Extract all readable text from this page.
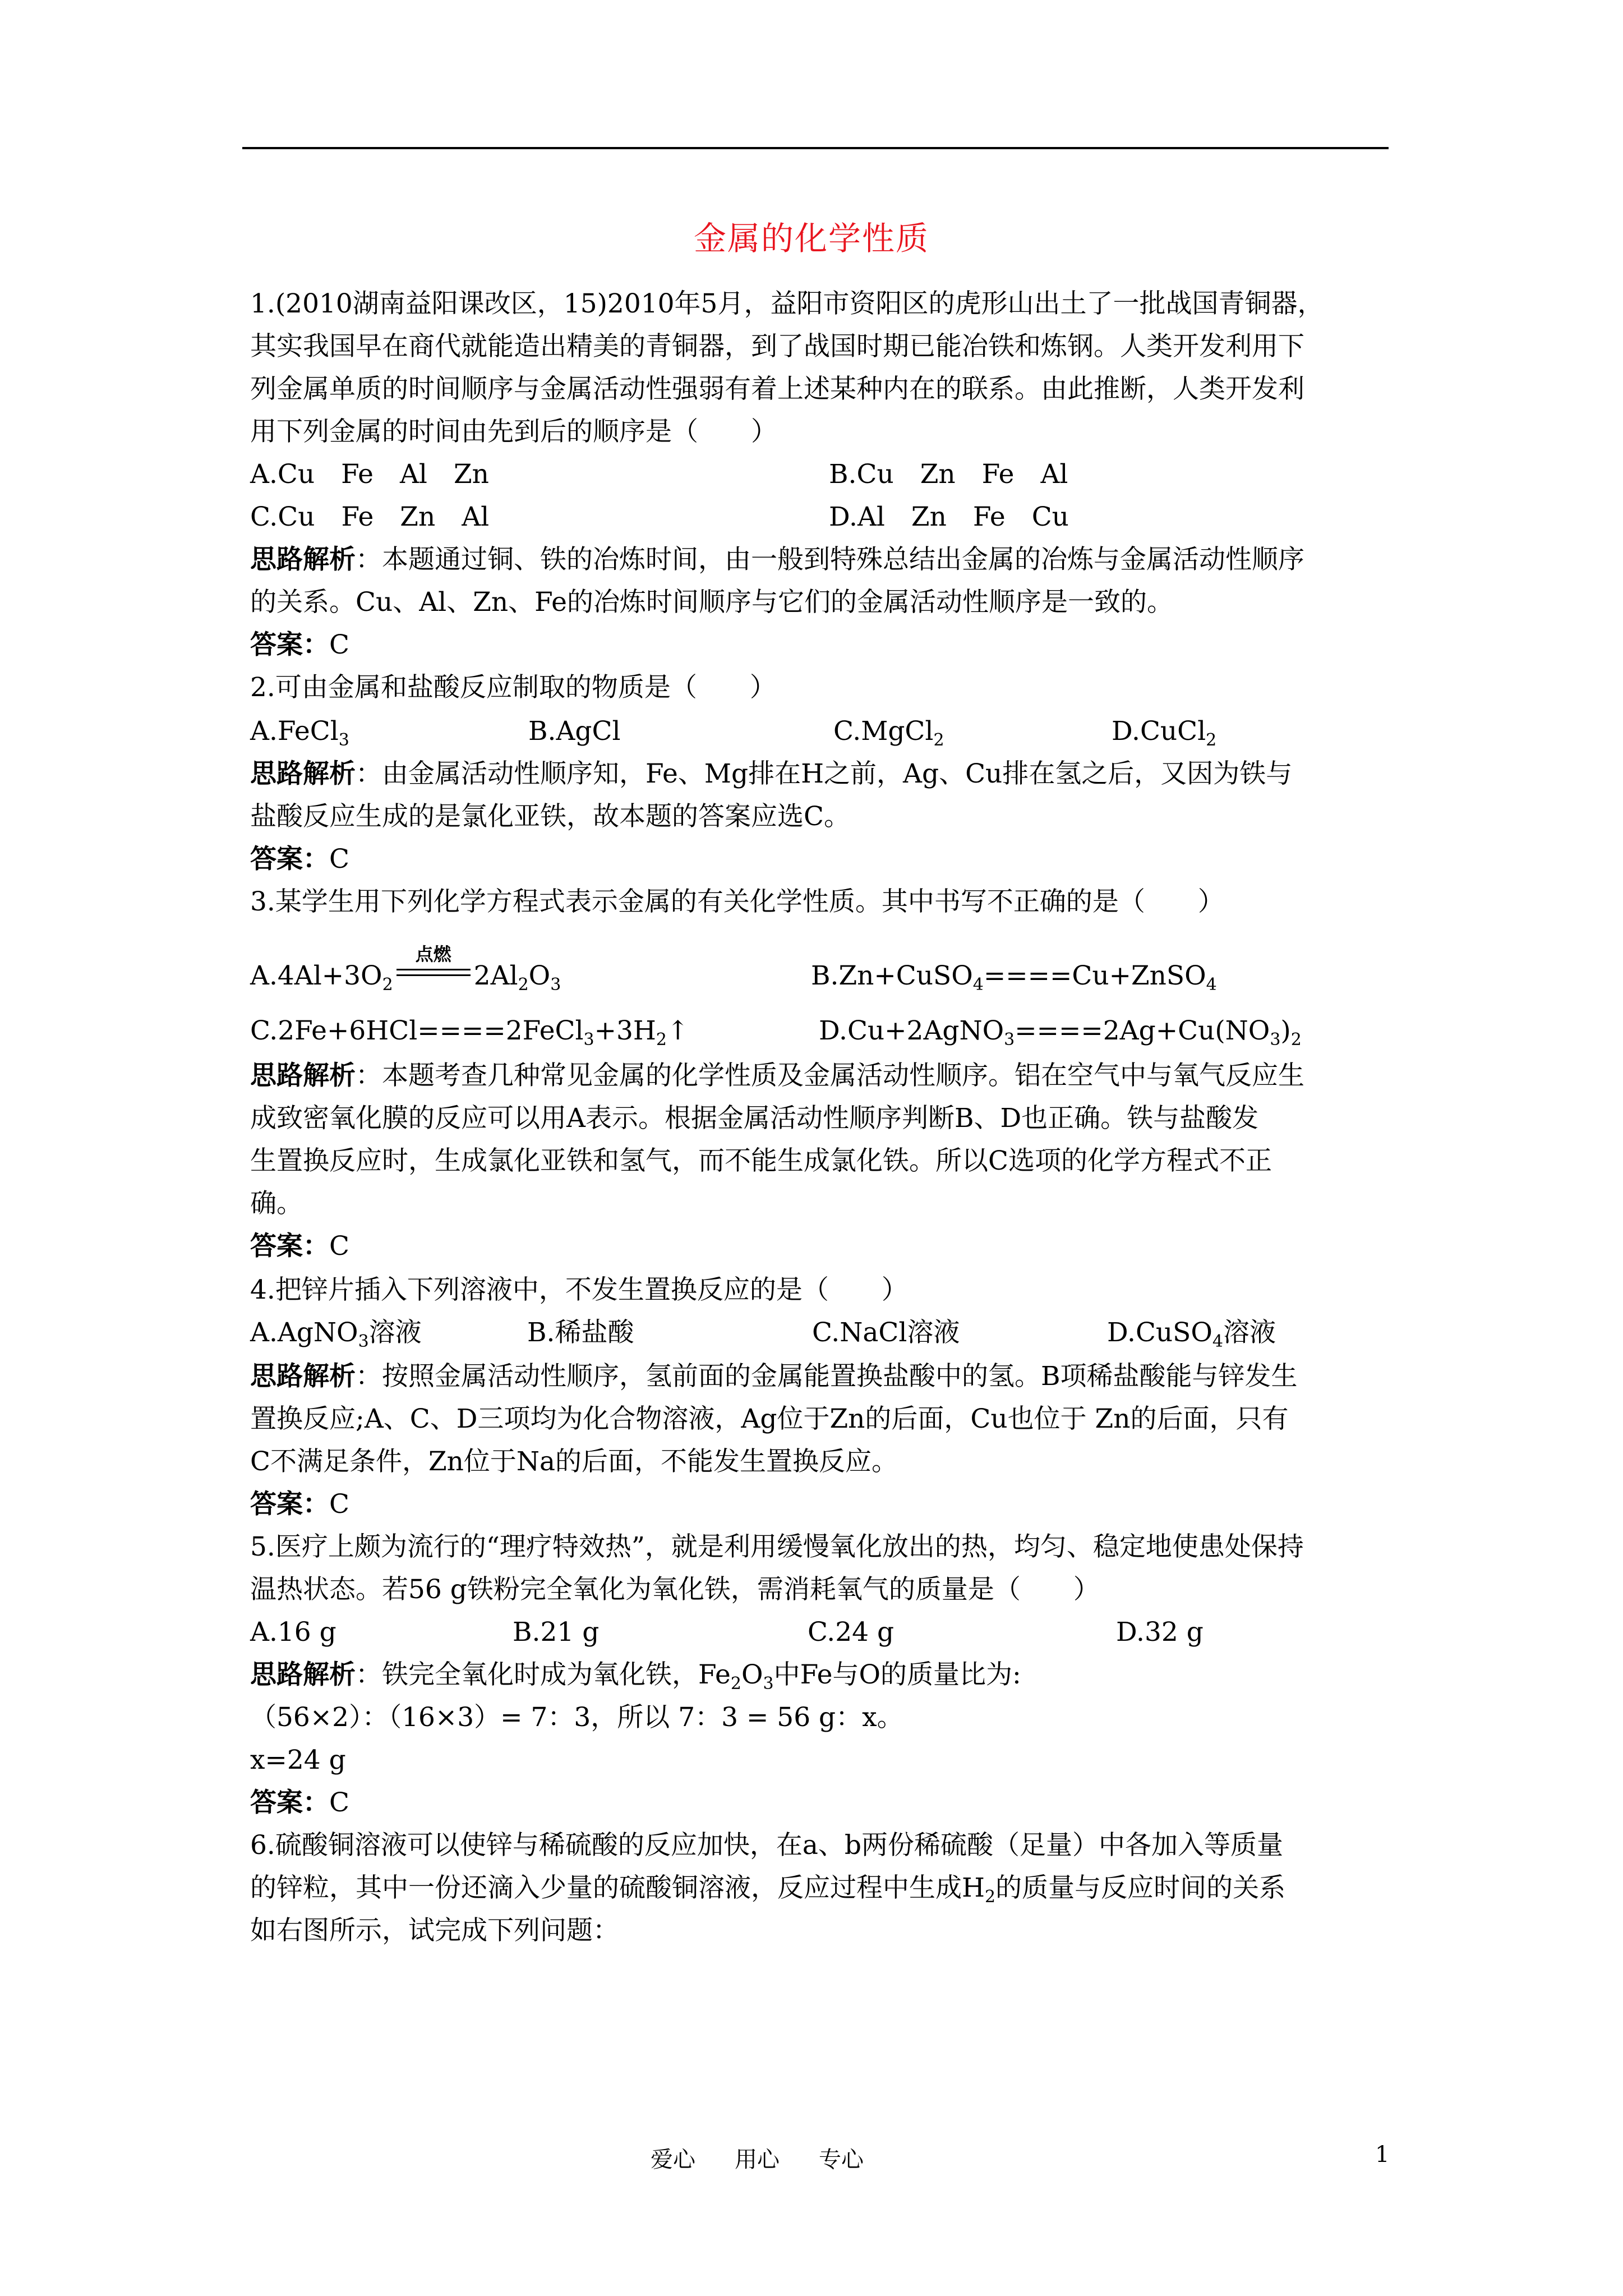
金属的化学性质
1.(2010湖南益阳课改区，15)2010年5月，益阳市资阳区的虎形山出土了一批战国青铜器，
其实我国早在商代就能造出精美的青铜器，到了战国时期已能冶铁和炼钢。人类开发利用下
列金属单质的时间顺序与金属活动性强弱有着上述某种内在的联系。由此推断，人类开发利
用下列金属的时间由先到后的顺序是（　　）
A.Cu　Fe　Al　Zn	B.Cu　Zn　Fe　Al
C.Cu　Fe　Zn　Al	D.Al　Zn　Fe　Cu
思路解析：本题通过铜、铁的冶炼时间，由一般到特殊总结出金属的冶炼与金属活动性顺序
的关系。Cu、Al、Zn、Fe的冶炼时间顺序与它们的金属活动性顺序是一致的。
答案：C
2.可由金属和盐酸反应制取的物质是（　　）
A.FeCl$_3$	B.AgCl	C.MgCl$_2$	D.CuCl$_2$
思路解析：由金属活动性顺序知，Fe、Mg排在H之前，Ag、Cu排在氢之后，又因为铁与
盐酸反应生成的是氯化亚铁，故本题的答案应选C。
答案：C
3.某学生用下列化学方程式表示金属的有关化学性质。其中书写不正确的是（　　）
$A.4Al+3O_2$
点燃
$2Al_2O_3$	B.Zn+CuSO$_4$====Cu+ZnSO$_4$
$C.2Fe+6HCl====2FeCl_3+3H_2↑$	$D.Cu+2AgNO_3====2Ag+Cu(NO_3)_2$
思路解析：本题考查几种常见金属的化学性质及金属活动性顺序。铝在空气中与氧气反应生
成致密氧化膜的反应可以用A表示。根据金属活动性顺序判断B、D也正确。铁与盐酸发
生置换反应时，生成氯化亚铁和氢气，而不能生成氯化铁。所以C选项的化学方程式不正
确。
答案：C
4.把锌片插入下列溶液中，不发生置换反应的是（　　）
A.AgNO$_3$溶液	B.稀盐酸	C.NaCl溶液	D.CuSO$_4$溶液
思路解析：按照金属活动性顺序，氢前面的金属能置换盐酸中的氢。B项稀盐酸能与锌发生
置换反应;A、C、D三项均为化合物溶液，Ag位于Zn的后面，Cu也位于 Zn的后面，只有
C不满足条件，Zn位于Na的后面，不能发生置换反应。
答案：C
5.医疗上颇为流行的“理疗特效热”，就是利用缓慢氧化放出的热，均匀、稳定地使患处保持
温热状态。若56 g铁粉完全氧化为氧化铁，需消耗氧气的质量是（　　）
A.16 g	B.21 g	C.24 g	D.32 g
思路解析：铁完全氧化时成为氧化铁，$Fe_2O_3$中Fe与O的质量比为:
（56×2）：（16×3）= 7：3，所以 7：3 = 56 g：x。
x=24 g
答案：C
6.硫酸铜溶液可以使锌与稀硫酸的反应加快，在a、b两份稀硫酸（足量）中各加入等质量
的锌粒，其中一份还滴入少量的硫酸铜溶液，反应过程中生成$H_2$的质量与反应时间的关系
如右图所示，试完成下列问题：
爱心 用心 专心	1
